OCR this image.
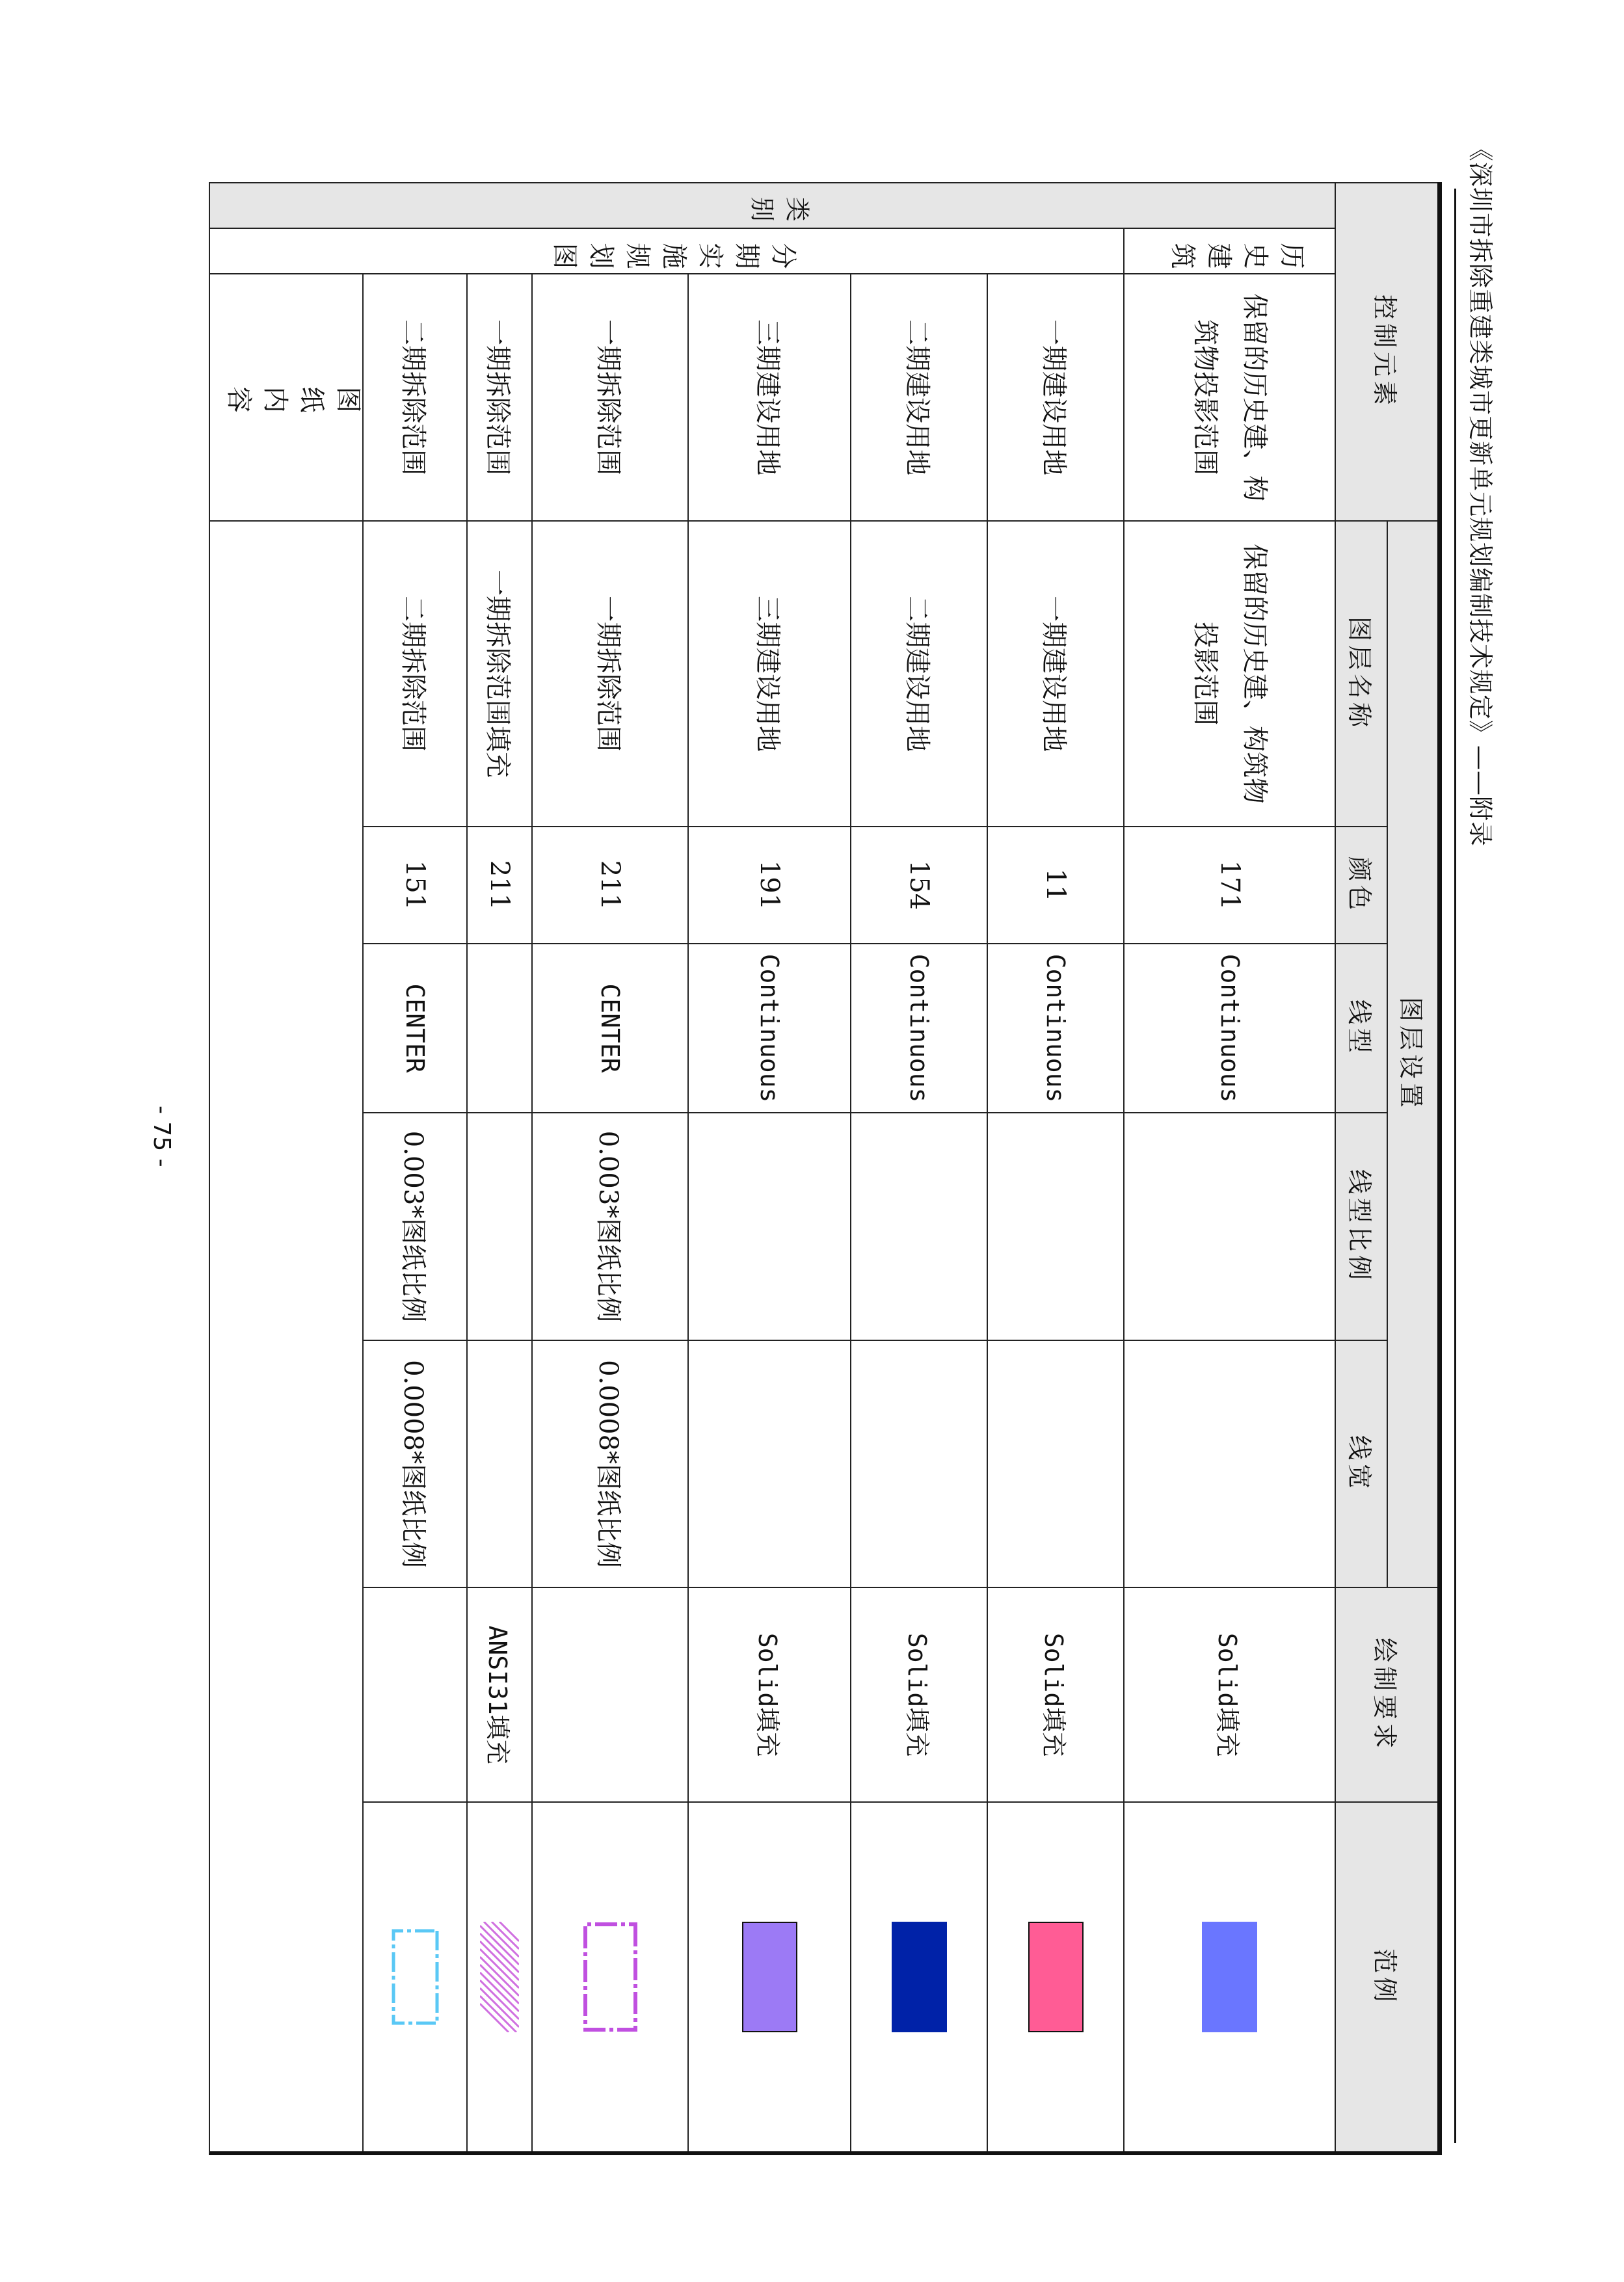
《深圳市拆除重建类城市更新单元规划编制技术规定》——附录
控制元素			图层设置					绘制要求	范例
			图层名称	颜色	线型	线型比例	线宽		
类别	历史建筑	保留的历史建、构筑物投影范围	保留的历史建、构筑物投影范围	171	Continuous			Solid填充	

	分期实施规划图	一期建设用地	一期建设用地	11	Continuous			Solid填充	

		二期建设用地	二期建设用地	154	Continuous			Solid填充	

		三期建设用地	三期建设用地	191	Continuous			Solid填充	

		一期拆除范围	一期拆除范围	211	CENTER	0.003*图纸比例	0.0008*图纸比例		

		一期拆除范围	一期拆除范围填充	211				ANSI31填充	

		二期拆除范围	二期拆除范围	151	CENTER	0.003*图纸比例	0.0008*图纸比例		

		图纸内容							
- 75 -
